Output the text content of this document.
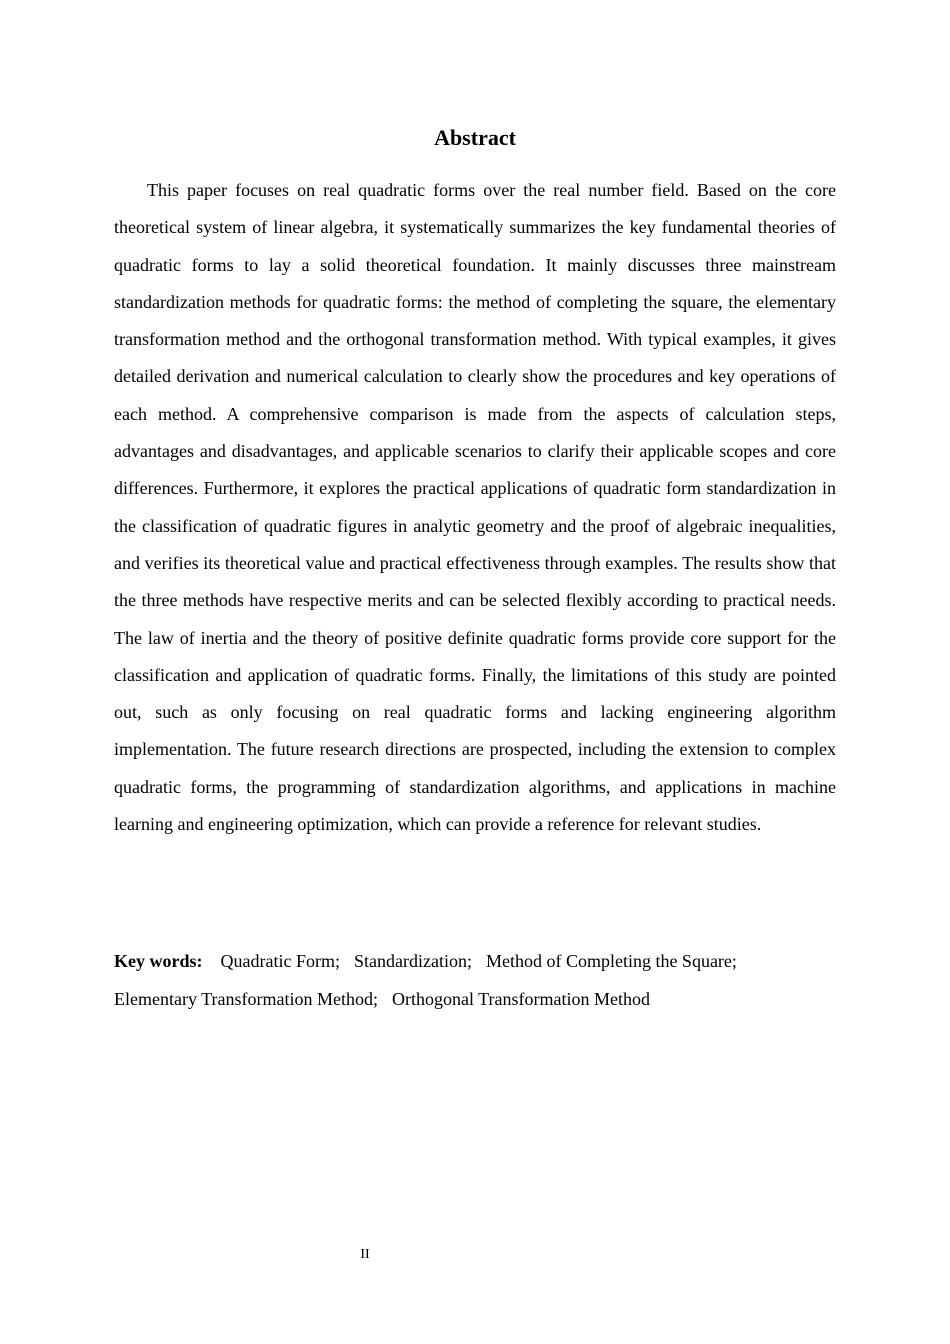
Abstract

This paper focuses on real quadratic forms over the real number field. Based on the core theoretical system of linear algebra, it systematically summarizes the key fundamental theories of quadratic forms to lay a solid theoretical foundation. It mainly discusses three mainstream standardization methods for quadratic forms: the method of completing the square, the elementary transformation method and the orthogonal transformation method. With typical examples, it gives detailed derivation and numerical calculation to clearly show the procedures and key operations of each method. A comprehensive comparison is made from the aspects of calculation steps, advantages and disadvantages, and applicable scenarios to clarify their applicable scopes and core differences. Furthermore, it explores the practical applications of quadratic form standardization in the classification of quadratic figures in analytic geometry and the proof of algebraic inequalities, and verifies its theoretical value and practical effectiveness through examples. The results show that the three methods have respective merits and can be selected flexibly according to practical needs. The law of inertia and the theory of positive definite quadratic forms provide core support for the classification and application of quadratic forms. Finally, the limitations of this study are pointed out, such as only focusing on real quadratic forms and lacking engineering algorithm implementation. The future research directions are prospected, including the extension to complex quadratic forms, the programming of standardization algorithms, and applications in machine learning and engineering optimization, which can provide a reference for relevant studies.

Key words: Quadratic Form; Standardization; Method of Completing the Square;
Elementary Transformation Method; Orthogonal Transformation Method

II
